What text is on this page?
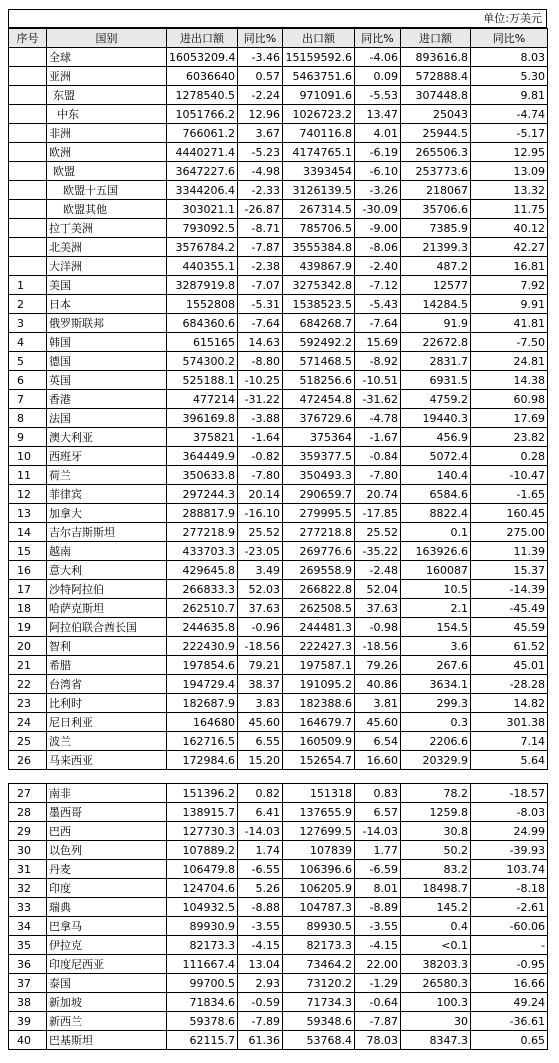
单位:万美元
序号	国别	进出口额	同比%	出口额	同比%	进口额	同比%
	全球	16053209.4	-3.46	15159592.6	-4.06	893616.8	8.03
	亚洲	6036640	0.57	5463751.6	0.09	572888.4	5.30
	东盟	1278540.5	-2.24	971091.6	-5.53	307448.8	9.81
	中东	1051766.2	12.96	1026723.2	13.47	25043	-4.74
	非洲	766061.2	3.67	740116.8	4.01	25944.5	-5.17
	欧洲	4440271.4	-5.23	4174765.1	-6.19	265506.3	12.95
	欧盟	3647227.6	-4.98	3393454	-6.10	253773.6	13.09
	欧盟十五国	3344206.4	-2.33	3126139.5	-3.26	218067	13.32
	欧盟其他	303021.1	-26.87	267314.5	-30.09	35706.6	11.75
	拉丁美洲	793092.5	-8.71	785706.5	-9.00	7385.9	40.12
	北美洲	3576784.2	-7.87	3555384.8	-8.06	21399.3	42.27
	大洋洲	440355.1	-2.38	439867.9	-2.40	487.2	16.81
1	美国	3287919.8	-7.07	3275342.8	-7.12	12577	7.92
2	日本	1552808	-5.31	1538523.5	-5.43	14284.5	9.91
3	俄罗斯联邦	684360.6	-7.64	684268.7	-7.64	91.9	41.81
4	韩国	615165	14.63	592492.2	15.69	22672.8	-7.50
5	德国	574300.2	-8.80	571468.5	-8.92	2831.7	24.81
6	英国	525188.1	-10.25	518256.6	-10.51	6931.5	14.38
7	香港	477214	-31.22	472454.8	-31.62	4759.2	60.98
8	法国	396169.8	-3.88	376729.6	-4.78	19440.3	17.69
9	澳大利亚	375821	-1.64	375364	-1.67	456.9	23.82
10	西班牙	364449.9	-0.82	359377.5	-0.84	5072.4	0.28
11	荷兰	350633.8	-7.80	350493.3	-7.80	140.4	-10.47
12	菲律宾	297244.3	20.14	290659.7	20.74	6584.6	-1.65
13	加拿大	288817.9	-16.10	279995.5	-17.85	8822.4	160.45
14	吉尔吉斯斯坦	277218.9	25.52	277218.8	25.52	0.1	275.00
15	越南	433703.3	-23.05	269776.6	-35.22	163926.6	11.39
16	意大利	429645.8	3.49	269558.9	-2.48	160087	15.37
17	沙特阿拉伯	266833.3	52.03	266822.8	52.04	10.5	-14.39
18	哈萨克斯坦	262510.7	37.63	262508.5	37.63	2.1	-45.49
19	阿拉伯联合酋长国	244635.8	-0.96	244481.3	-0.98	154.5	45.59
20	智利	222430.9	-18.56	222427.3	-18.56	3.6	61.52
21	希腊	197854.6	79.21	197587.1	79.26	267.6	45.01
22	台湾省	194729.4	38.37	191095.2	40.86	3634.1	-28.28
23	比利时	182687.9	3.83	182388.6	3.81	299.3	14.82
24	尼日利亚	164680	45.60	164679.7	45.60	0.3	301.38
25	波兰	162716.5	6.55	160509.9	6.54	2206.6	7.14
26	马来西亚	172984.6	15.20	152654.7	16.60	20329.9	5.64
27	南非	151396.2	0.82	151318	0.83	78.2	-18.57
28	墨西哥	138915.7	6.41	137655.9	6.57	1259.8	-8.03
29	巴西	127730.3	-14.03	127699.5	-14.03	30.8	24.99
30	以色列	107889.2	1.74	107839	1.77	50.2	-39.93
31	丹麦	106479.8	-6.55	106396.6	-6.59	83.2	103.74
32	印度	124704.6	5.26	106205.9	8.01	18498.7	-8.18
33	瑞典	104932.5	-8.88	104787.3	-8.89	145.2	-2.61
34	巴拿马	89930.9	-3.55	89930.5	-3.55	0.4	-60.06
35	伊拉克	82173.3	-4.15	82173.3	-4.15	<0.1	-
36	印度尼西亚	111667.4	13.04	73464.2	22.00	38203.3	-0.95
37	泰国	99700.5	2.93	73120.2	-1.29	26580.3	16.66
38	新加坡	71834.6	-0.59	71734.3	-0.64	100.3	49.24
39	新西兰	59378.6	-7.89	59348.6	-7.87	30	-36.61
40	巴基斯坦	62115.7	61.36	53768.4	78.03	8347.3	0.65
